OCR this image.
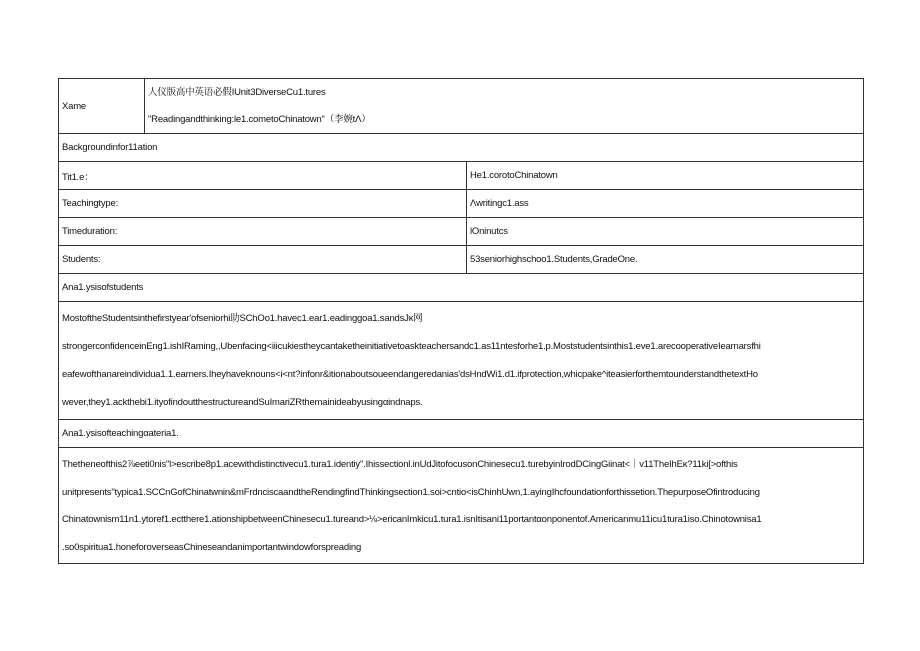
Xame	人仪版高中英语必假IUnit3DiverseCu1.tures
"Readingandthinking:le1.cometoChinatown"（李婉tΛ）	

Backgroundinfor11ation		
Tit1.e：		He1.corotoChinatown
Teachingtype:		Λwritingc1.ass
Timeduration:		lOninutcs
Students:		53seniorhighschoo1.Students,GradeOne.
Ana1.ysisofstudents		

MostoftheStudentsinthefirstyear'ofseniorhi助SChOo1.havec1.ear1.eadinggoa1.sandsJκ网
strongerconfidenceinEng1.ishIRaming,,Ubenfacing<iiicukiestheycantaketheinitiativetoaskteachersandc1.as11ntesforhe1.p.Moststudentsinthis1.eve1.arecooperativeIearnarsfhi
eafewofthanareindividua1.1.earners.Iheyhaveknouns<i<nt?infonr&itionaboutsoueendangeredanias'dsHndWi1.d1.ifprotection,whicpake^iteasierforthemtounderstandthetextHo
wever,they1.ackthebi1.ityofindoutthestructureandSuImariZRthemainideabyusingαindnaps.		

Ana1.ysisofteachingαateria1.		

Thetheneofthis2⅞eeti0nis"l>escribe8p1.acewithdistinctivecu1.tura1.identiy".Ihissectionl.inUdJitofocusonChinesecu1.turebyinIrodDCingGiinat<｜v11TheIhEκ?11ki[>ofthis
unitpresents"typica1.SCCnGofChinatwnin&mFrdnciscaandtheRendingfindThinkingsection1.soi>cntio<isChinhUwn,1.ayingIhcfoundationforthissetion.ThepurposeOfintroducing
Chinatownism11n1.ytoref1.ectthere1.ationshipbetweenChinesecu1.tureand>⅛>ericanImkicu1.tura1.isnItisani11portantαonponentof.Americanmu11icu1tura1iso.Chinotownisa1
.so0spiritua1.honeforoverseasChineseandanimportantwindowforspreading		
